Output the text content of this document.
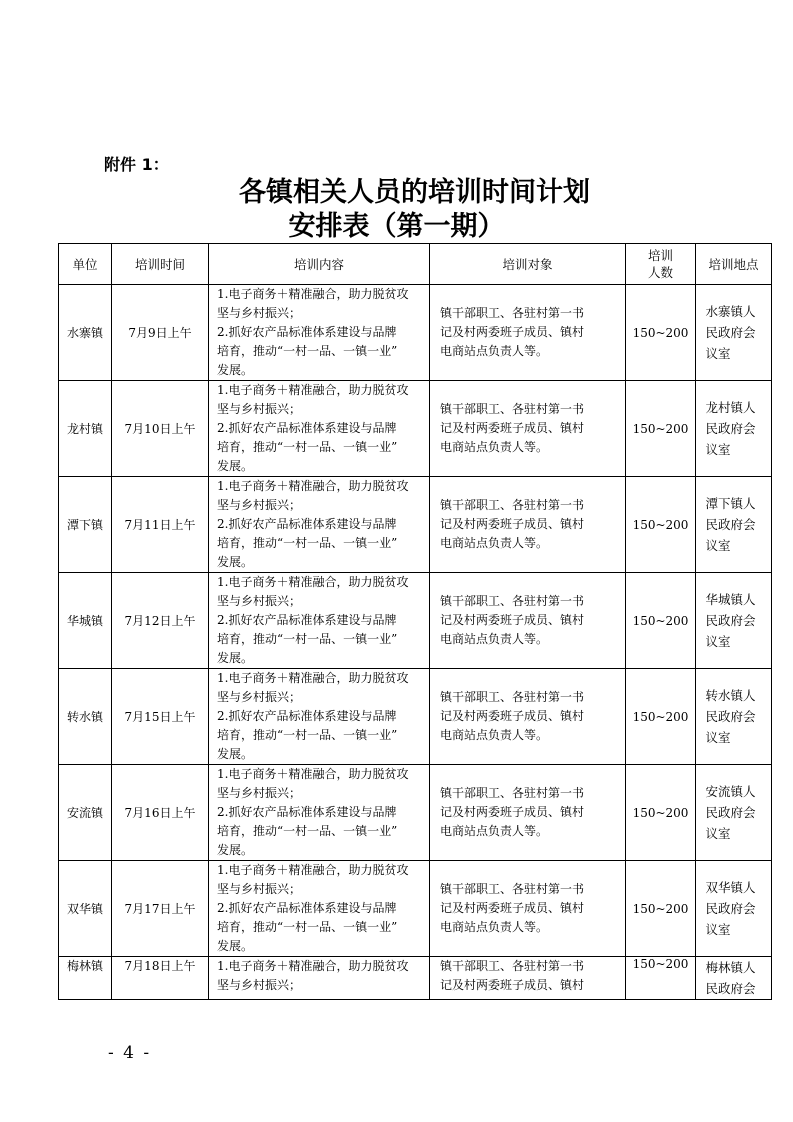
附件 1：
各镇相关人员的培训时间计划
安排表（第一期）
单位	培训时间	培训内容	培训对象	培训
人数	培训地点
水寨镇	7月9日上午	1.电子商务＋精准融合，助力脱贫攻
坚与乡村振兴；
2.抓好农产品标准体系建设与品牌
培育，推动“一村一品、一镇一业”
发展。	镇干部职工、各驻村第一书
记及村两委班子成员、镇村
电商站点负责人等。	150~200	水寨镇人
民政府会
议室

龙村镇	7月10日上午	1.电子商务＋精准融合，助力脱贫攻
坚与乡村振兴；
2.抓好农产品标准体系建设与品牌
培育，推动“一村一品、一镇一业”
发展。	镇干部职工、各驻村第一书
记及村两委班子成员、镇村
电商站点负责人等。	150~200	龙村镇人
民政府会
议室

潭下镇	7月11日上午	1.电子商务＋精准融合，助力脱贫攻
坚与乡村振兴；
2.抓好农产品标准体系建设与品牌
培育，推动“一村一品、一镇一业”
发展。	镇干部职工、各驻村第一书
记及村两委班子成员、镇村
电商站点负责人等。	150~200	潭下镇人
民政府会
议室

华城镇	7月12日上午	1.电子商务＋精准融合，助力脱贫攻
坚与乡村振兴；
2.抓好农产品标准体系建设与品牌
培育，推动“一村一品、一镇一业”
发展。	镇干部职工、各驻村第一书
记及村两委班子成员、镇村
电商站点负责人等。	150~200	华城镇人
民政府会
议室

转水镇	7月15日上午	1.电子商务＋精准融合，助力脱贫攻
坚与乡村振兴；
2.抓好农产品标准体系建设与品牌
培育，推动“一村一品、一镇一业”
发展。	镇干部职工、各驻村第一书
记及村两委班子成员、镇村
电商站点负责人等。	150~200	转水镇人
民政府会
议室

安流镇	7月16日上午	1.电子商务＋精准融合，助力脱贫攻
坚与乡村振兴；
2.抓好农产品标准体系建设与品牌
培育，推动“一村一品、一镇一业”
发展。	镇干部职工、各驻村第一书
记及村两委班子成员、镇村
电商站点负责人等。	150~200	安流镇人
民政府会
议室

双华镇	7月17日上午	1.电子商务＋精准融合，助力脱贫攻
坚与乡村振兴；
2.抓好农产品标准体系建设与品牌
培育，推动“一村一品、一镇一业”
发展。	镇干部职工、各驻村第一书
记及村两委班子成员、镇村
电商站点负责人等。	150~200	双华镇人
民政府会
议室

梅林镇	7月18日上午	1.电子商务＋精准融合，助力脱贫攻
坚与乡村振兴；	镇干部职工、各驻村第一书
记及村两委班子成员、镇村	150~200	梅林镇人
民政府会
- 4 -
